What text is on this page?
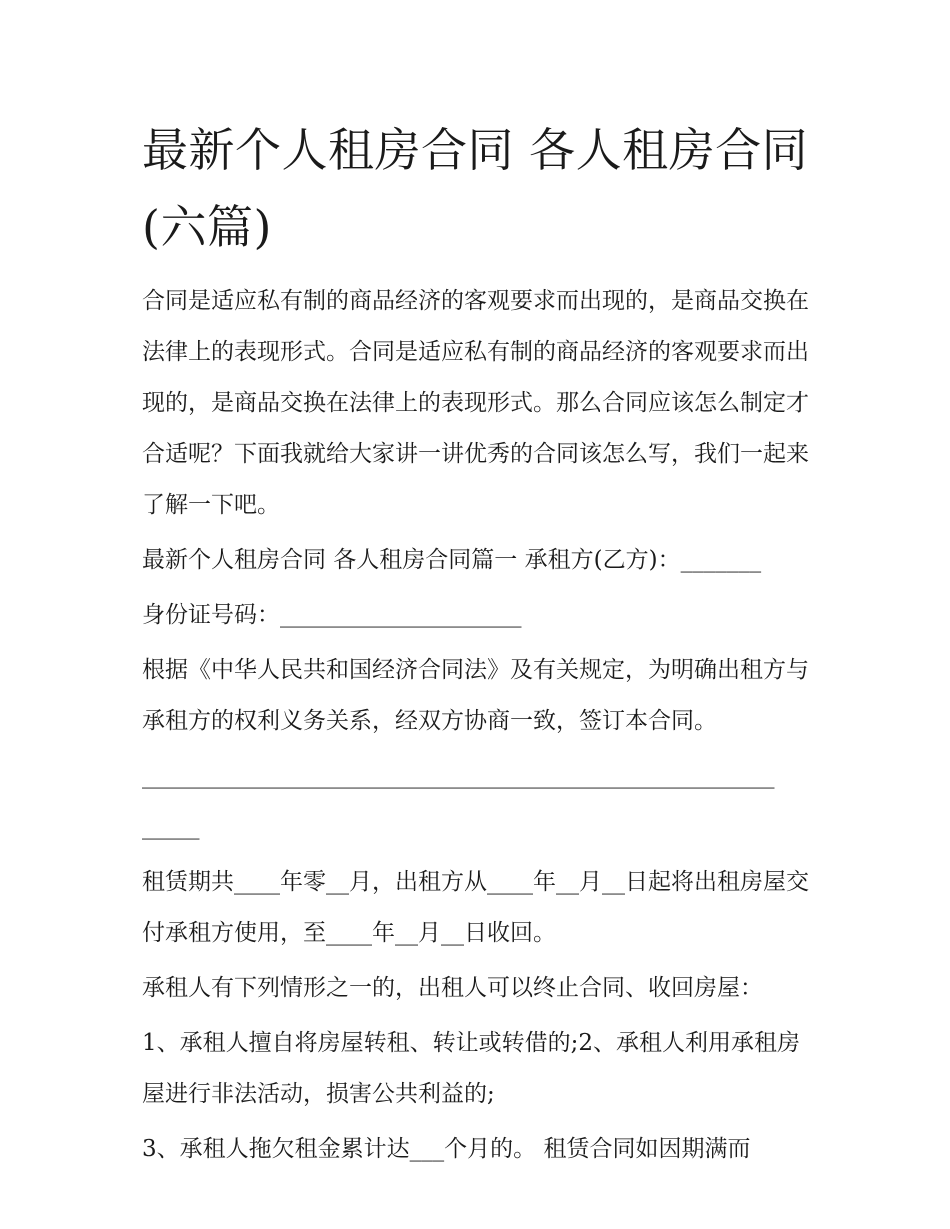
最新个人租房合同 各人租房合同(六篇)

合同是适应私有制的商品经济的客观要求而出现的，是商品交换在法律上的表现形式。合同是适应私有制的商品经济的客观要求而出现的，是商品交换在法律上的表现形式。那么合同应该怎么制定才合适呢？下面我就给大家讲一讲优秀的合同该怎么写，我们一起来了解一下吧。

最新个人租房合同 各人租房合同篇一 承租方(乙方)：_______

身份证号码：_____________________

根据《中华人民共和国经济合同法》及有关规定，为明确出租方与承租方的权利义务关系，经双方协商一致，签订本合同。

_______________________________________________________

_____

租赁期共____年零__月，出租方从____年__月__日起将出租房屋交付承租方使用，至____年__月__日收回。

承租人有下列情形之一的，出租人可以终止合同、收回房屋：

1、承租人擅自将房屋转租、转让或转借的;2、承租人利用承租房屋进行非法活动，损害公共利益的;

3、承租人拖欠租金累计达___个月的。 租赁合同如因期满而
